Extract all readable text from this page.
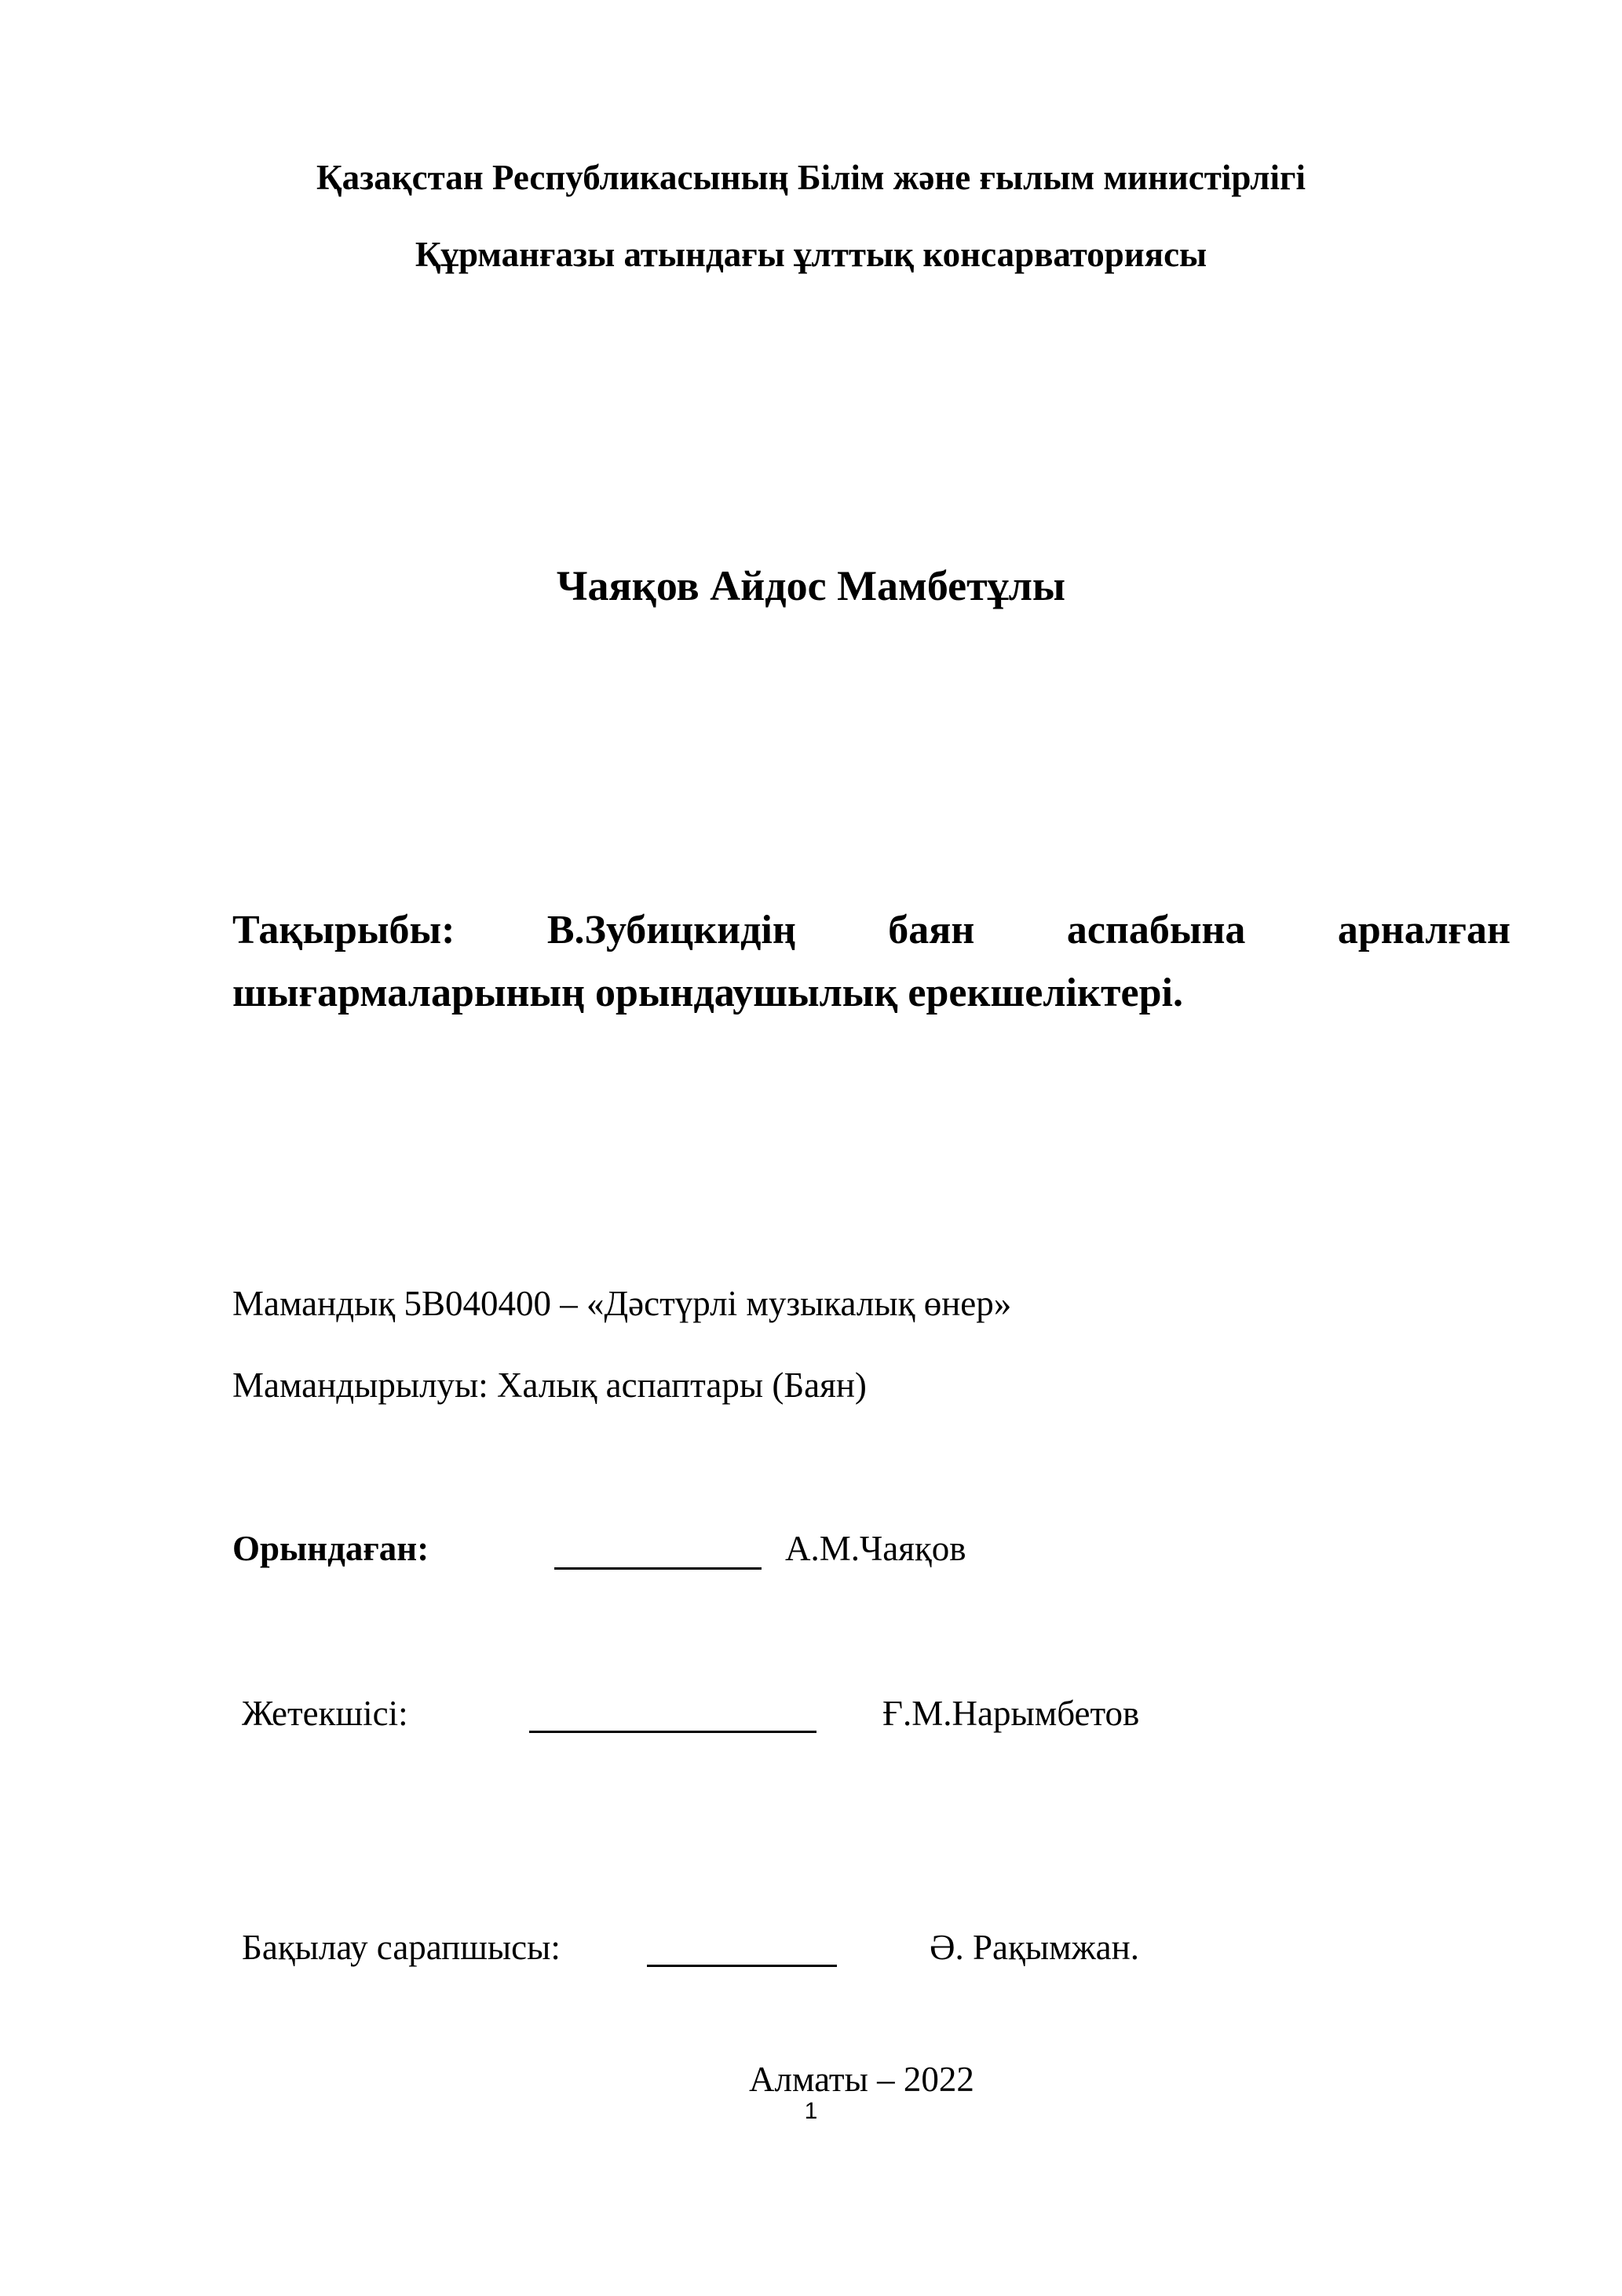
Қазақстан Республикасының Білім және ғылым министірлігі
Құрманғазы атындағы ұлттық консарваториясы
Чаяқов Айдос Мамбетұлы
Тақырыбы: В.Зубицкидің баян аспабына арналған
шығармаларының орындаушылық ерекшеліктері.
Мамандық 5В040400 – «Дәстүрлі музыкалық өнер»
Мамандырылуы: Халық аспаптары (Баян)
Орындаған:	А.М.Чаяқов
Жетекшісі:	Ғ.М.Нарымбетов
Бақылау сарапшысы:	Ә. Рақымжан.
Алматы – 2022
1
